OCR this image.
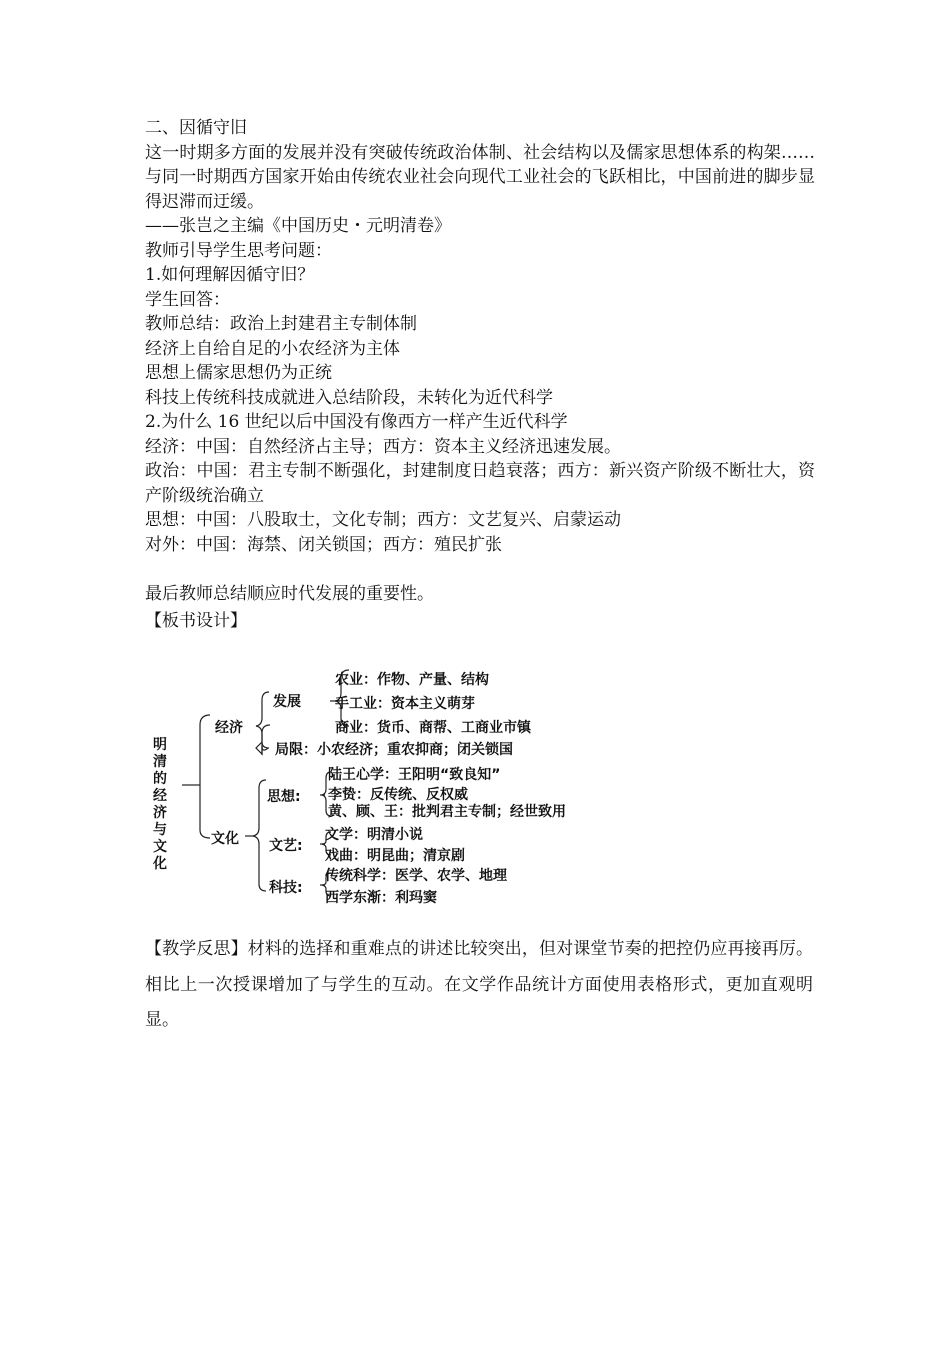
二、因循守旧
这一时期多方面的发展并没有突破传统政治体制、社会结构以及儒家思想体系的构架……与同一时期西方国家开始由传统农业社会向现代工业社会的飞跃相比，中国前进的脚步显得迟滞而迂缓。
——张岂之主编《中国历史・元明清卷》
教师引导学生思考问题：
1.如何理解因循守旧？
学生回答：
教师总结：政治上封建君主专制体制
经济上自给自足的小农经济为主体
思想上儒家思想仍为正统
科技上传统科技成就进入总结阶段，未转化为近代科学
2.为什么 16 世纪以后中国没有像西方一样产生近代科学
经济：中国：自然经济占主导；西方：资本主义经济迅速发展。
政治：中国：君主专制不断强化，封建制度日趋衰落；西方：新兴资产阶级不断壮大，资产阶级统治确立
思想：中国：八股取士，文化专制；西方：文艺复兴、启蒙运动
对外：中国：海禁、闭关锁国；西方：殖民扩张
最后教师总结顺应时代发展的重要性。
【板书设计】
明清的经济与文化
经济
发展
农业：作物、产量、结构
手工业：资本主义萌芽
商业：货币、商帮、工商业市镇
局限：小农经济；重农抑商；闭关锁国
文化
思想:
陆王心学：王阳明“致良知”
李贽：反传统、反权威
黄、顾、王：批判君主专制；经世致用
文艺:
文学：明清小说
戏曲：明昆曲；清京剧
科技:
传统科学：医学、农学、地理
西学东渐：利玛窦
【教学反思】材料的选择和重难点的讲述比较突出，但对课堂节奏的把控仍应再接再厉。相比上一次授课增加了与学生的互动。在文学作品统计方面使用表格形式，更加直观明显。
